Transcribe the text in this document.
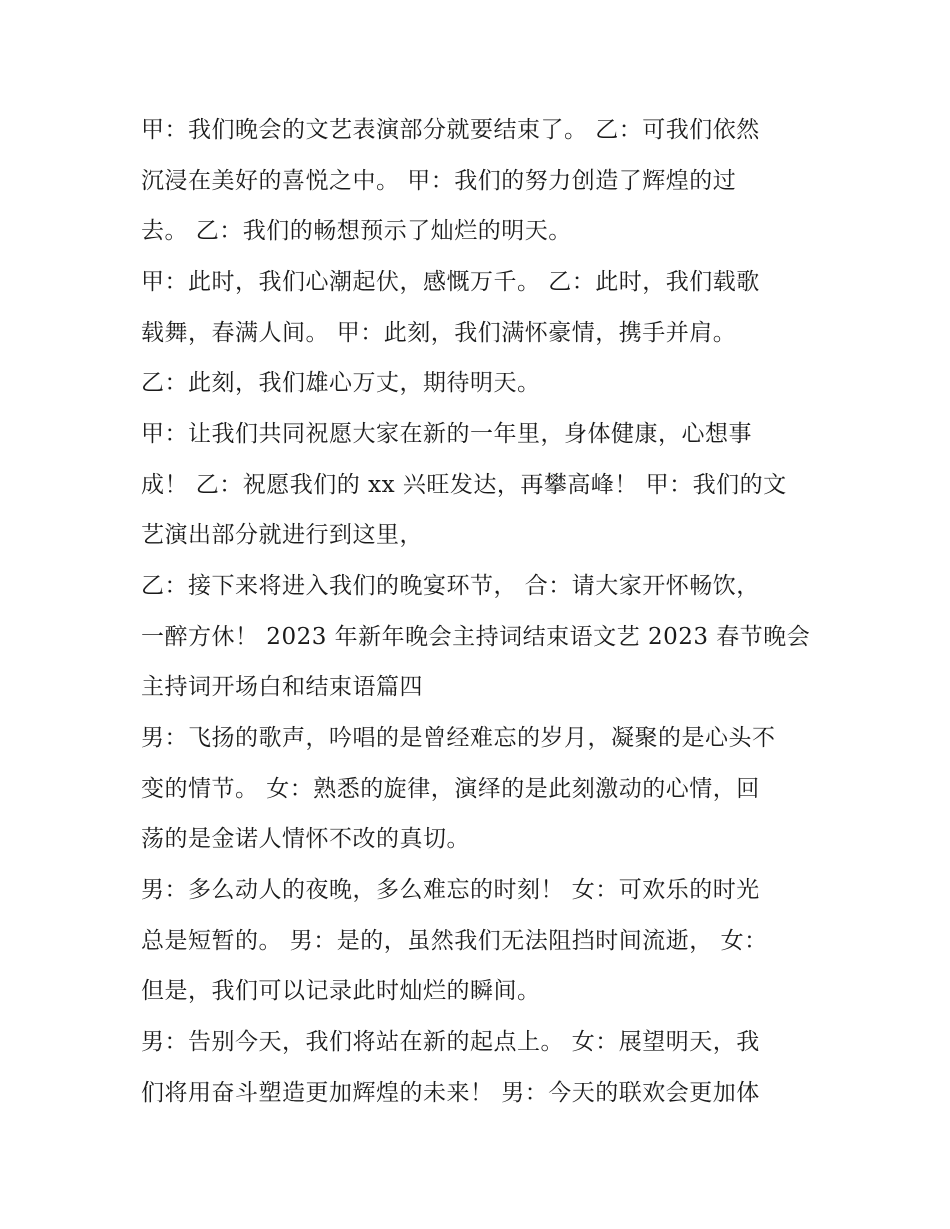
甲：我们晚会的文艺表演部分就要结束了。 乙：可我们依然

沉浸在美好的喜悦之中。 甲：我们的努力创造了辉煌的过

去。 乙：我们的畅想预示了灿烂的明天。

甲：此时，我们心潮起伏，感慨万千。 乙：此时，我们载歌

载舞，春满人间。 甲：此刻，我们满怀豪情，携手并肩。

乙：此刻，我们雄心万丈，期待明天。

甲：让我们共同祝愿大家在新的一年里，身体健康，心想事

成！ 乙：祝愿我们的 xx 兴旺发达，再攀高峰！ 甲：我们的文

艺演出部分就进行到这里，

乙：接下来将进入我们的晚宴环节， 合：请大家开怀畅饮，

一醉方休！ 2023 年新年晚会主持词结束语文艺 2023 春节晚会

主持词开场白和结束语篇四

男：飞扬的歌声，吟唱的是曾经难忘的岁月，凝聚的是心头不

变的情节。 女：熟悉的旋律，演绎的是此刻激动的心情，回

荡的是金诺人情怀不改的真切。

男：多么动人的夜晚，多么难忘的时刻！ 女：可欢乐的时光

总是短暂的。 男：是的，虽然我们无法阻挡时间流逝， 女：

但是，我们可以记录此时灿烂的瞬间。

男：告别今天，我们将站在新的起点上。 女：展望明天，我

们将用奋斗塑造更加辉煌的未来！ 男：今天的联欢会更加体
